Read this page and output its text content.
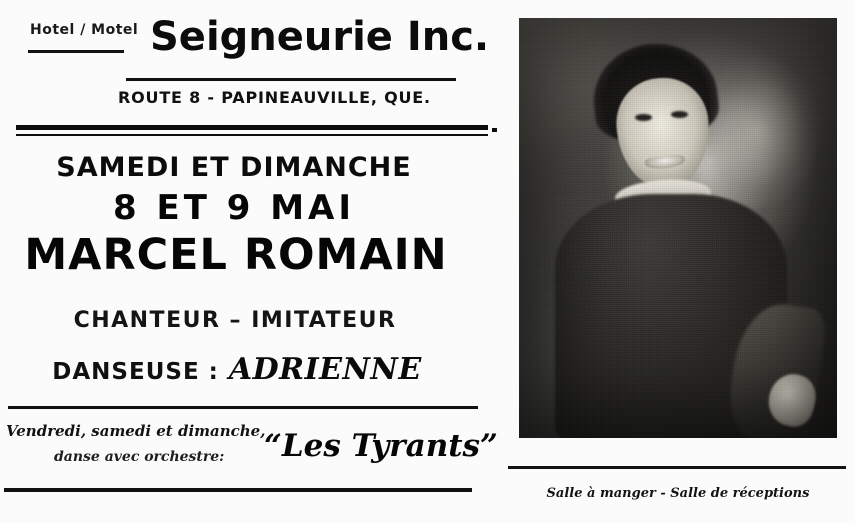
Hotel / Motel Seigneurie Inc.
ROUTE 8 - PAPINEAUVILLE, QUE.
SAMEDI ET DIMANCHE
8 ET 9 MAI
MARCEL ROMAIN
CHANTEUR – IMITATEUR
DANSEUSE : ADRIENNE
Vendredi, samedi et dimanche,
danse avec orchestre: “Les Tyrants”
Salle à manger - Salle de réceptions
